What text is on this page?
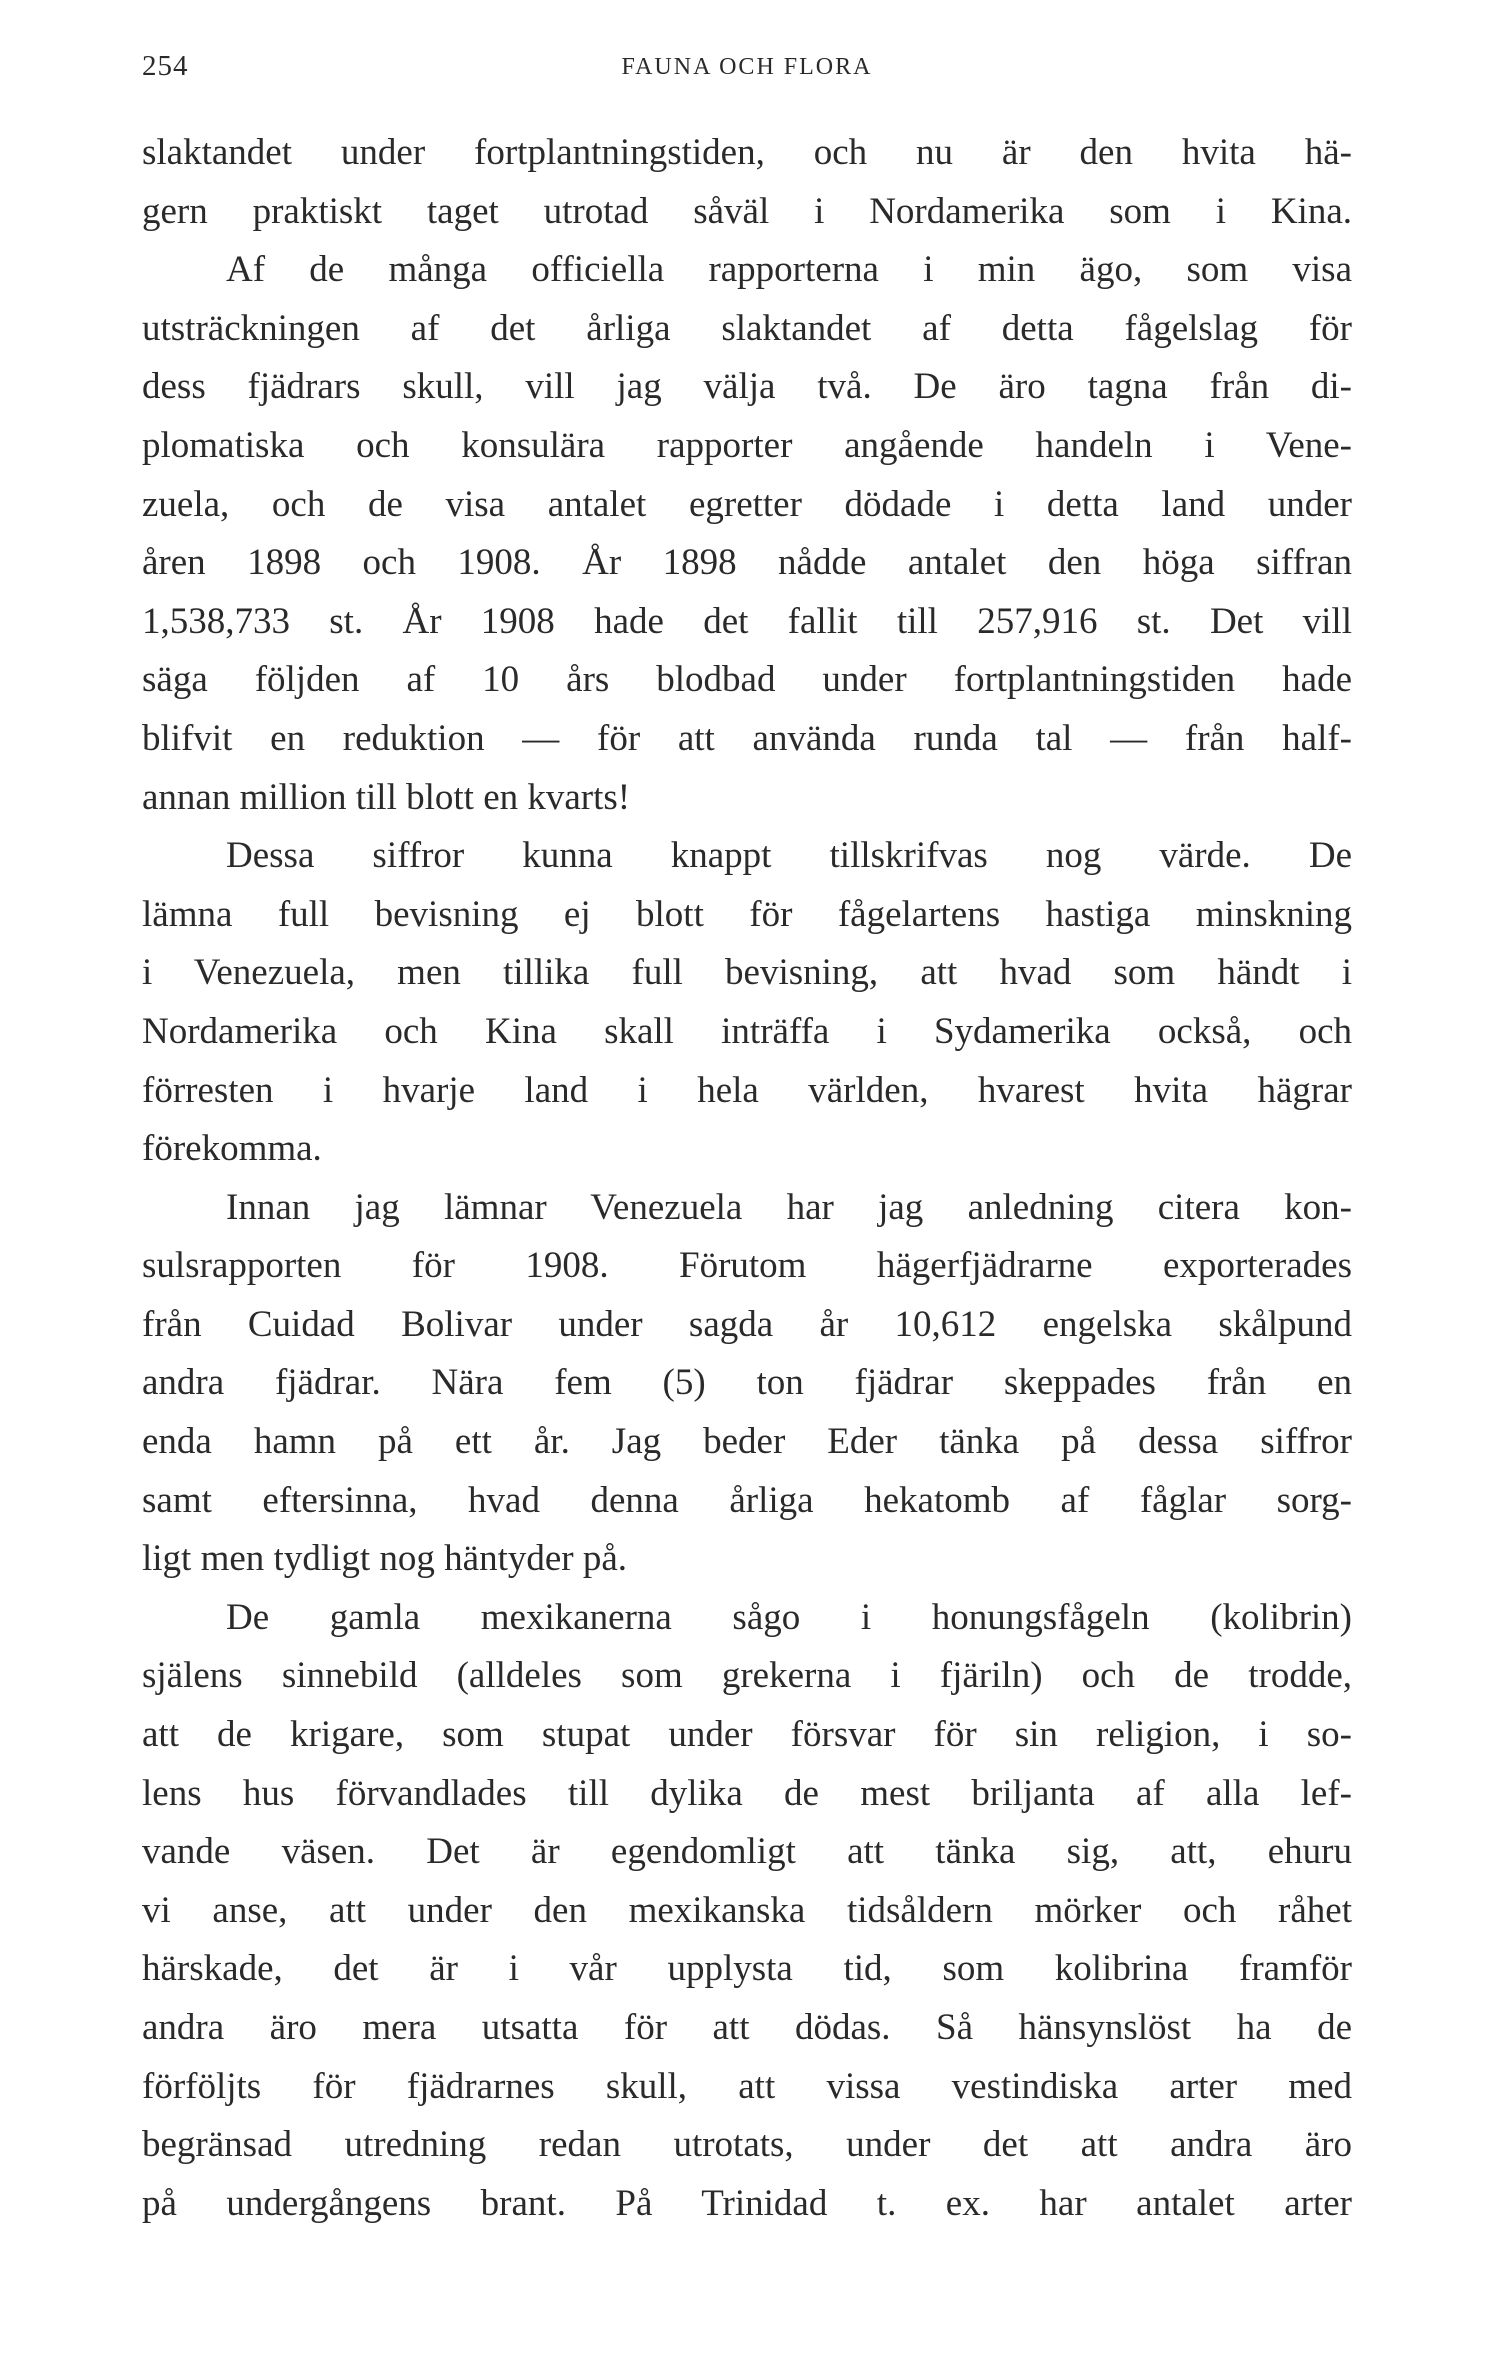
254	FAUNA OCH FLORA
slaktandet under fortplantningstiden, och nu är den hvita hä-
gern praktiskt taget utrotad såväl i Nordamerika som i Kina.
Af de många officiella rapporterna i min ägo, som visa
utsträckningen af det årliga slaktandet af detta fågelslag för
dess fjädrars skull, vill jag välja två. De äro tagna från di-
plomatiska och konsulära rapporter angående handeln i Vene-
zuela, och de visa antalet egretter dödade i detta land under
åren 1898 och 1908. År 1898 nådde antalet den höga siffran
1,538,733 st. År 1908 hade det fallit till 257,916 st. Det vill
säga följden af 10 års blodbad under fortplantningstiden hade
blifvit en reduktion — för att använda runda tal — från half-
annan million till blott en kvarts!
Dessa siffror kunna knappt tillskrifvas nog värde. De
lämna full bevisning ej blott för fågelartens hastiga minskning
i Venezuela, men tillika full bevisning, att hvad som händt i
Nordamerika och Kina skall inträffa i Sydamerika också, och
förresten i hvarje land i hela världen, hvarest hvita hägrar
förekomma.
Innan jag lämnar Venezuela har jag anledning citera kon-
sulsrapporten för 1908. Förutom hägerfjädrarne exporterades
från Cuidad Bolivar under sagda år 10,612 engelska skålpund
andra fjädrar. Nära fem (5) ton fjädrar skeppades från en
enda hamn på ett år. Jag beder Eder tänka på dessa siffror
samt eftersinna, hvad denna årliga hekatomb af fåglar sorg-
ligt men tydligt nog häntyder på.
De gamla mexikanerna sågo i honungsfågeln (kolibrin)
själens sinnebild (alldeles som grekerna i fjäriln) och de trodde,
att de krigare, som stupat under försvar för sin religion, i so-
lens hus förvandlades till dylika de mest briljanta af alla lef-
vande väsen. Det är egendomligt att tänka sig, att, ehuru
vi anse, att under den mexikanska tidsåldern mörker och råhet
härskade, det är i vår upplysta tid, som kolibrina framför
andra äro mera utsatta för att dödas. Så hänsynslöst ha de
förföljts för fjädrarnes skull, att vissa vestindiska arter med
begränsad utredning redan utrotats, under det att andra äro
på undergångens brant. På Trinidad t. ex. har antalet arter
